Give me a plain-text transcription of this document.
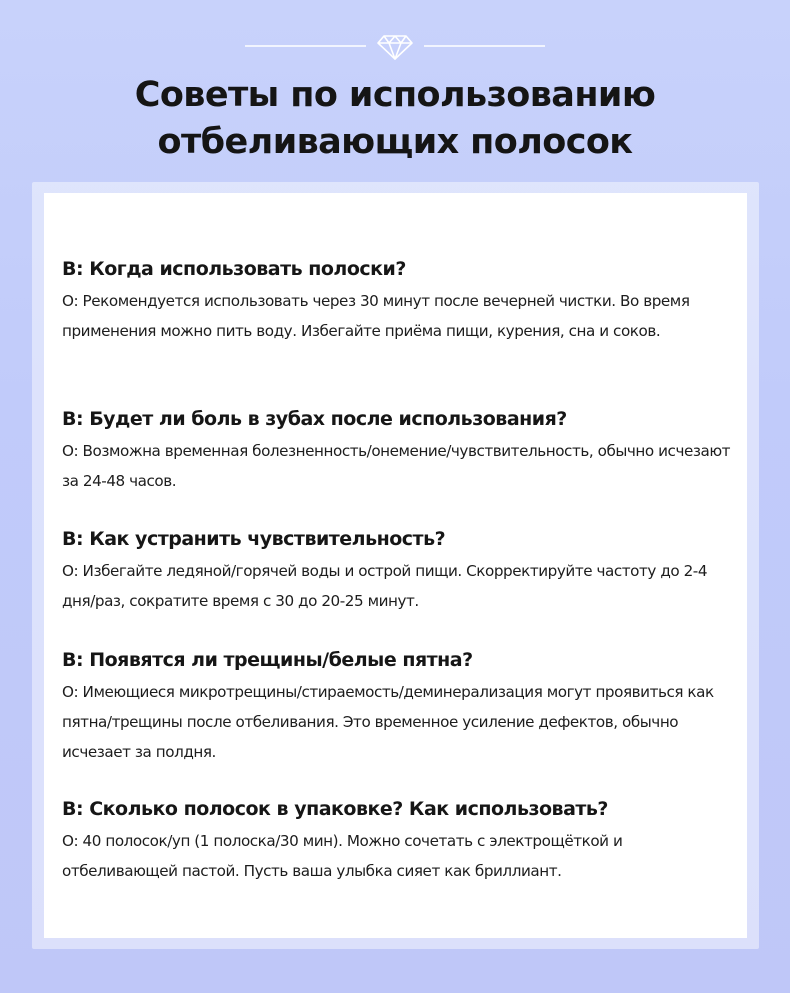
Советы по использованию
отбеливающих полосок
В: Когда использовать полоски?

О: Рекомендуется использовать через 30 минут после вечерней чистки. Во время применения можно пить воду. Избегайте приёма пищи, курения, сна и соков.

В: Будет ли боль в зубах после использования?

О: Возможна временная болезненность/онемение/чувствительность, обычно исчезают за 24-48 часов.

В: Как устранить чувствительность?

О: Избегайте ледяной/горячей воды и острой пищи. Скорректируйте частоту до 2-4 дня/раз, сократите время с 30 до 20-25 минут.

В: Появятся ли трещины/белые пятна?

О: Имеющиеся микротрещины/стираемость/деминерализация могут проявиться как пятна/трещины после отбеливания. Это временное усиление дефектов, обычно исчезает за полдня.

В: Сколько полосок в упаковке? Как использовать?

О: 40 полосок/уп (1 полоска/30 мин). Можно сочетать с электрощёткой и отбеливающей пастой. Пусть ваша улыбка сияет как бриллиант.
